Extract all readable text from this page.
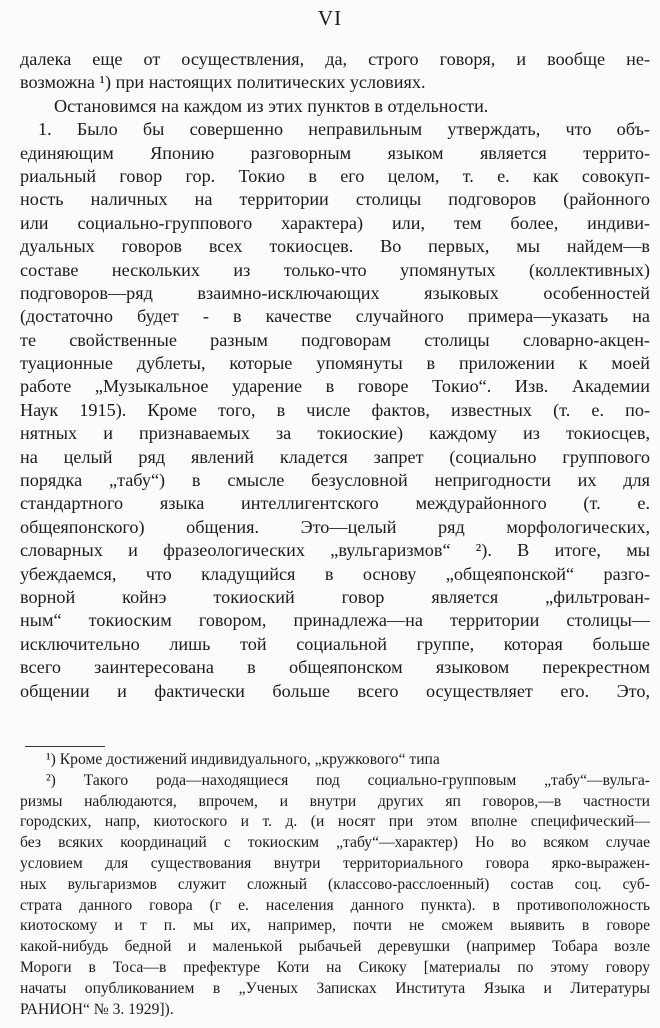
VI
далека еще от осуществления, да, строго говоря, и вообще не-
возможна ¹) при настоящих политических условиях.
Остановимся на каждом из этих пунктов в отдельности.
1. Было бы совершенно неправильным утверждать, что объ-
единяющим Японию разговорным языком является террито-
риальный говор гор. Токио в его целом, т. е. как совокуп-
ность наличных на территории столицы подговоров (районного
или социально-группового характера) или, тем более, индиви-
дуальных говоров всех токиосцев. Во первых, мы найдем—в
составе нескольких из только-что упомянутых (коллективных)
подговоров—ряд взаимно-исключающих языковых особенностей
(достаточно будет - в качестве случайного примера—указать на
те свойственные разным подговорам столицы словарно-акцен-
туационные дублеты, которые упомянуты в приложении к моей
работе „Музыкальное ударение в говоре Токио“. Изв. Академии
Наук 1915). Кроме того, в числе фактов, известных (т. е. по-
нятных и признаваемых за токиоские) каждому из токиосцев,
на целый ряд явлений кладется запрет (социально группового
порядка „табу“) в смысле безусловной непригодности их для
стандартного языка интеллигентского междурайонного (т. е.
общеяпонского) общения. Это—целый ряд морфологических,
словарных и фразеологических „вульгаризмов“ ²). В итоге, мы
убеждаемся, что кладущийся в основу „общеяпонской“ разго-
ворной койнэ токиоский говор является „фильтрован-
ным“ токиоским говором, принадлежа—на территории столицы—
исключительно лишь той социальной группе, которая больше
всего заинтересована в общеяпонском языковом перекрестном
общении и фактически больше всего осуществляет его. Это,
¹) Кроме достижений индивидуального, „кружкового“ типа
²) Такого рода—находящиеся под социально-групповым „табу“—вульга-
ризмы наблюдаются, впрочем, и внутри других яп говоров,—в частности
городских, напр, киотоского и т. д. (и носят при этом вполне специфический—
без всяких координаций с токиоским „табу“—характер) Но во всяком случае
условием для существования внутри территориального говора ярко-выражен-
ных вульгаризмов служит сложный (классово-расслоенный) состав соц. суб-
страта данного говора (г е. населения данного пункта). в противоположность
киотоскому и т п. мы их, например, почти не сможем выявить в говоре
какой-нибудь бедной и маленькой рыбачьей деревушки (например Тобара возле
Мороги в Тоса—в префектуре Коти на Сикоку [материалы по этому говору
начаты опубликованием в „Ученых Записках Института Языка и Литературы
РАНИОН“ № 3. 1929]).
